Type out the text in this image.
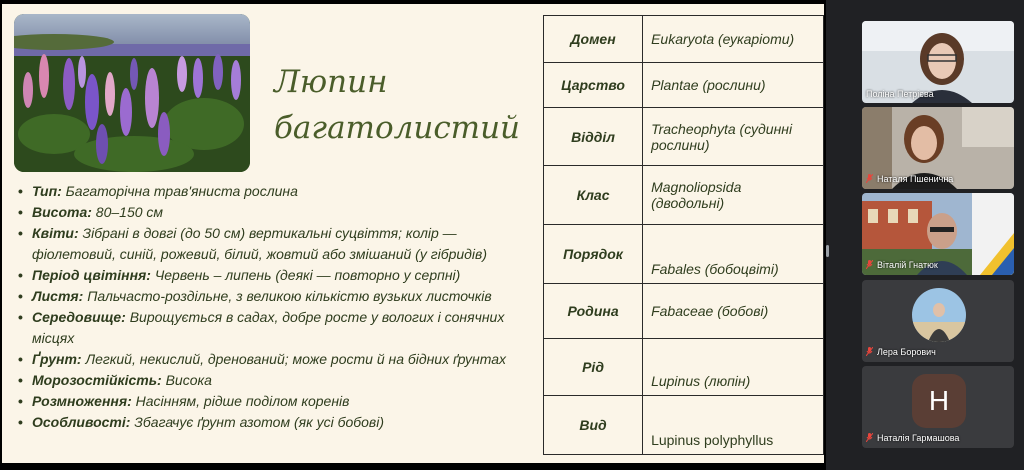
Люпин
багатолистий
• Тип: Багаторічна трав'яниста рослина
• Висота: 80–150 см
• Квіти: Зібрані в довгі (до 50 см) вертикальні суцвіття; колір — фіолетовий, синій, рожевий, білий, жовтий або змішаний (у гібридів)
• Період цвітіння: Червень – липень (деякі — повторно у серпні)
• Листя: Пальчасто-роздільне, з великою кількістю вузьких листочків
• Середовище: Вирощується в садах, добре росте у вологих і сонячних місцях
• Ґрунт: Легкий, некислий, дренований; може рости й на бідних ґрунтах
• Морозостійкість: Висока
• Розмноження: Насінням, рідше поділом коренів
• Особливості: Збагачує ґрунт азотом (як усі бобові)
Домен	Eukaryota (еукаріоти)
Царство	Plantae (рослини)
Відділ	Tracheophyta (судинні рослини)
Клас	Magnoliopsida (дводольні)
Порядок	Fabales (бобоцвіті)
Родина	Fabaceae (бобові)
Рід	Lupinus (люпін)
Вид	Lupinus polyphyllus
Поліна Петрієва
Наталя Пшенична
Віталій Гнатюк
Лера Борович
Н
Наталія Гармашова
